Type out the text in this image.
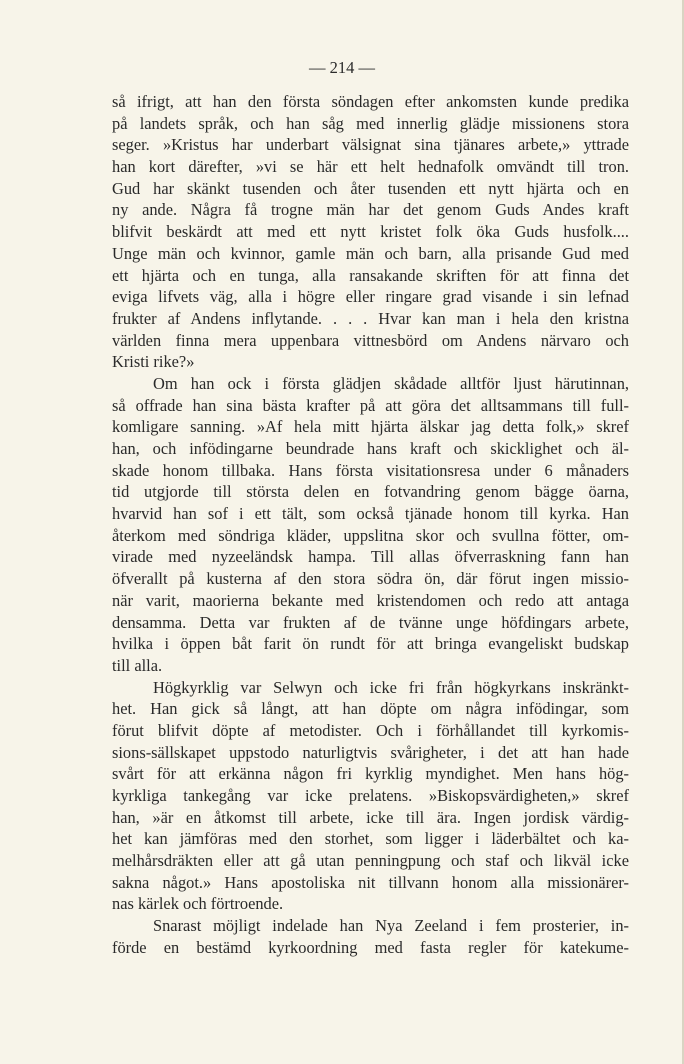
— 214 —
så ifrigt, att han den första söndagen efter ankomsten kunde predika
på landets språk, och han såg med innerlig glädje missionens stora
seger. »Kristus har underbart välsignat sina tjänares arbete,» yttrade
han kort därefter, »vi se här ett helt hednafolk omvändt till tron.
Gud har skänkt tusenden och åter tusenden ett nytt hjärta och en
ny ande. Några få trogne män har det genom Guds Andes kraft
blifvit beskärdt att med ett nytt kristet folk öka Guds husfolk....
Unge män och kvinnor, gamle män och barn, alla prisande Gud med
ett hjärta och en tunga, alla ransakande skriften för att finna det
eviga lifvets väg, alla i högre eller ringare grad visande i sin lefnad
frukter af Andens inflytande. . . . Hvar kan man i hela den kristna
världen finna mera uppenbara vittnesbörd om Andens närvaro och
Kristi rike?»
Om han ock i första glädjen skådade alltför ljust härutinnan,
så offrade han sina bästa krafter på att göra det alltsammans till full-
komligare sanning. »Af hela mitt hjärta älskar jag detta folk,» skref
han, och infödingarne beundrade hans kraft och skicklighet och äl-
skade honom tillbaka. Hans första visitationsresa under 6 månaders
tid utgjorde till största delen en fotvandring genom bägge öarna,
hvarvid han sof i ett tält, som också tjänade honom till kyrka. Han
återkom med söndriga kläder, uppslitna skor och svullna fötter, om-
virade med nyzeeländsk hampa. Till allas öfverraskning fann han
öfverallt på kusterna af den stora södra ön, där förut ingen missio-
när varit, maorierna bekante med kristendomen och redo att antaga
densamma. Detta var frukten af de tvänne unge höfdingars arbete,
hvilka i öppen båt farit ön rundt för att bringa evangeliskt budskap
till alla.
Högkyrklig var Selwyn och icke fri från högkyrkans inskränkt-
het. Han gick så långt, att han döpte om några infödingar, som
förut blifvit döpte af metodister. Och i förhållandet till kyrkomis-
sions-sällskapet uppstodo naturligtvis svårigheter, i det att han hade
svårt för att erkänna någon fri kyrklig myndighet. Men hans hög-
kyrkliga tankegång var icke prelatens. »Biskopsvärdigheten,» skref
han, »är en åtkomst till arbete, icke till ära. Ingen jordisk värdig-
het kan jämföras med den storhet, som ligger i läderbältet och ka-
melhårsdräkten eller att gå utan penningpung och staf och likväl icke
sakna något.» Hans apostoliska nit tillvann honom alla missionärer-
nas kärlek och förtroende.
Snarast möjligt indelade han Nya Zeeland i fem prosterier, in-
förde en bestämd kyrkoordning med fasta regler för katekume-
